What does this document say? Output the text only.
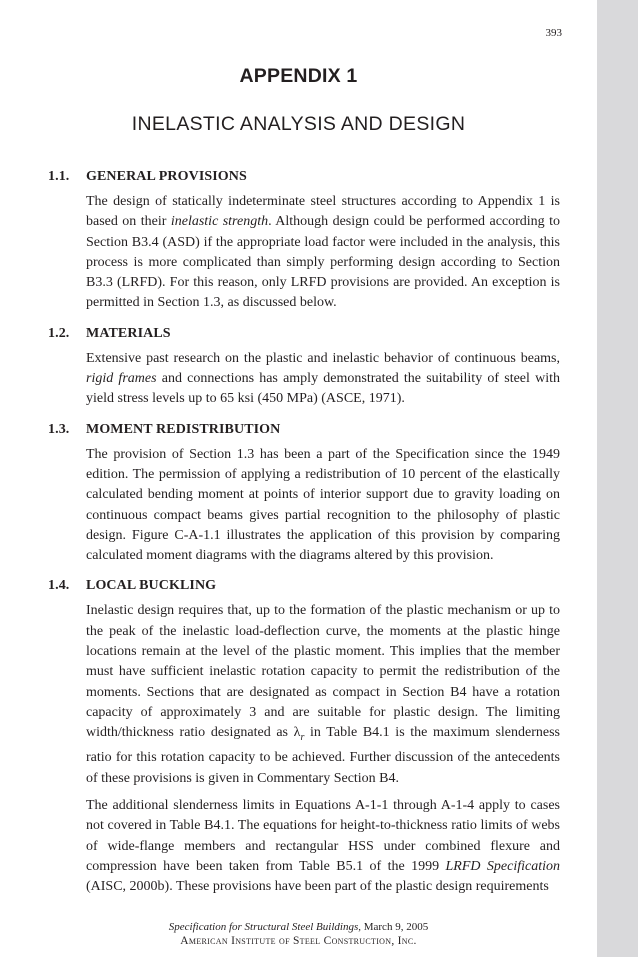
393
APPENDIX 1
INELASTIC ANALYSIS AND DESIGN
1.1.	GENERAL PROVISIONS

The design of statically indeterminate steel structures according to Appendix 1 is based on their inelastic strength. Although design could be performed according to Section B3.4 (ASD) if the appropriate load factor were included in the analysis, this process is more complicated than simply performing design according to Section B3.3 (LRFD). For this reason, only LRFD provisions are provided. An exception is permitted in Section 1.3, as discussed below.

1.2.	MATERIALS

Extensive past research on the plastic and inelastic behavior of continuous beams, rigid frames and connections has amply demonstrated the suitability of steel with yield stress levels up to 65 ksi (450 MPa) (ASCE, 1971).

1.3.	MOMENT REDISTRIBUTION

The provision of Section 1.3 has been a part of the Specification since the 1949 edition. The permission of applying a redistribution of 10 percent of the elastically calculated bending moment at points of interior support due to gravity loading on continuous compact beams gives partial recognition to the philosophy of plastic design. Figure C-A-1.1 illustrates the application of this provision by comparing calculated moment diagrams with the diagrams altered by this provision.

1.4.	LOCAL BUCKLING

Inelastic design requires that, up to the formation of the plastic mechanism or up to the peak of the inelastic load-deflection curve, the moments at the plastic hinge locations remain at the level of the plastic moment. This implies that the member must have sufficient inelastic rotation capacity to permit the redistribution of the moments. Sections that are designated as compact in Section B4 have a rotation capacity of approximately 3 and are suitable for plastic design. The limiting width/thickness ratio designated as $\lambda_r$ in Table B4.1 is the maximum slenderness ratio for this rotation capacity to be achieved. Further discussion of the antecedents of these provisions is given in Commentary Section B4.

The additional slenderness limits in Equations A-1-1 through A-1-4 apply to cases not covered in Table B4.1. The equations for height-to-thickness ratio limits of webs of wide-flange members and rectangular HSS under combined flexure and compression have been taken from Table B5.1 of the 1999 LRFD Specification (AISC, 2000b). These provisions have been part of the plastic design requirements

Specification for Structural Steel Buildings, March 9, 2005
American Institute of Steel Construction, Inc.
